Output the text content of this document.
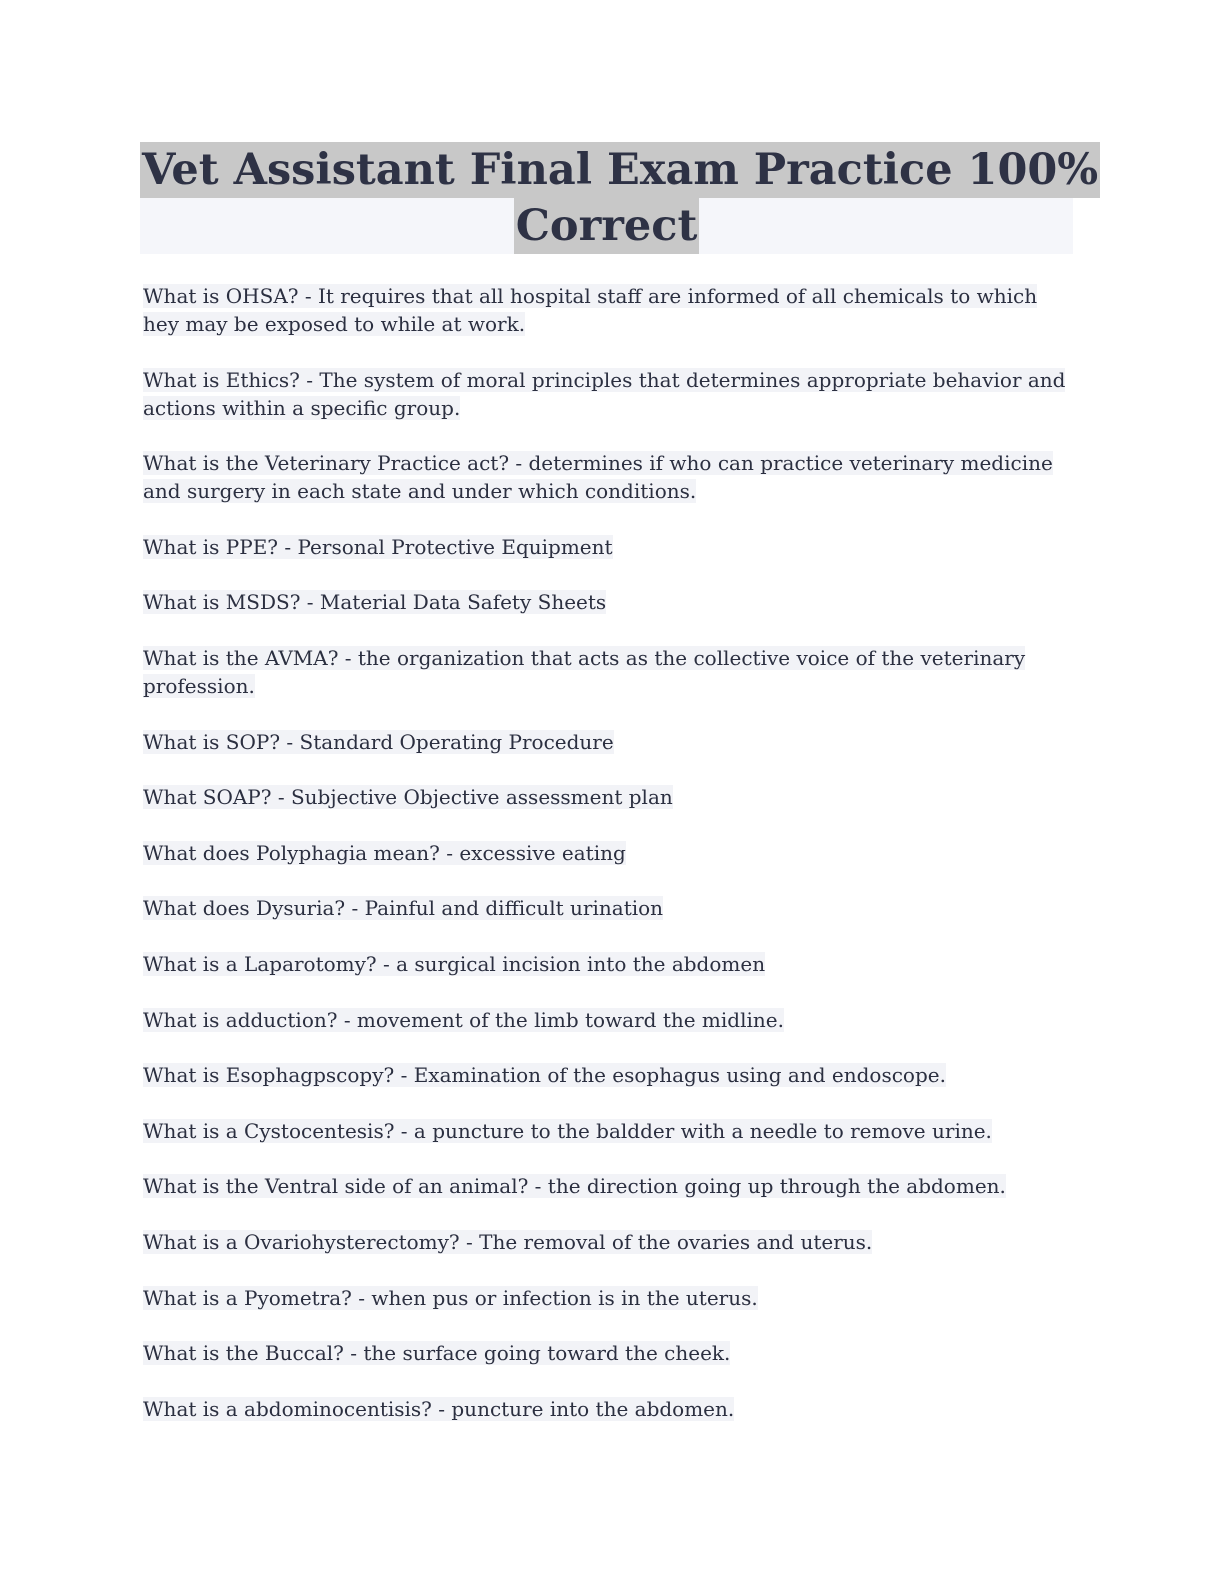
Vet Assistant Final Exam Practice 100%
Correct
What is OHSA? - It requires that all hospital staff are informed of all chemicals to which hey may be exposed to while at work.
What is Ethics? - The system of moral principles that determines appropriate behavior and actions within a specific group.
What is the Veterinary Practice act? - determines if who can practice veterinary medicine and surgery in each state and under which conditions.
What is PPE? - Personal Protective Equipment
What is MSDS? - Material Data Safety Sheets
What is the AVMA? - the organization that acts as the collective voice of the veterinary profession.
What is SOP? - Standard Operating Procedure
What SOAP? - Subjective Objective assessment plan
What does Polyphagia mean? - excessive eating
What does Dysuria? - Painful and difficult urination
What is a Laparotomy? - a surgical incision into the abdomen
What is adduction? - movement of the limb toward the midline.
What is Esophagpscopy? - Examination of the esophagus using and endoscope.
What is a Cystocentesis? - a puncture to the baldder with a needle to remove urine.
What is the Ventral side of an animal? - the direction going up through the abdomen.
What is a Ovariohysterectomy? - The removal of the ovaries and uterus.
What is a Pyometra? - when pus or infection is in the uterus.
What is the Buccal? - the surface going toward the cheek.
What is a abdominocentisis? - puncture into the abdomen.
